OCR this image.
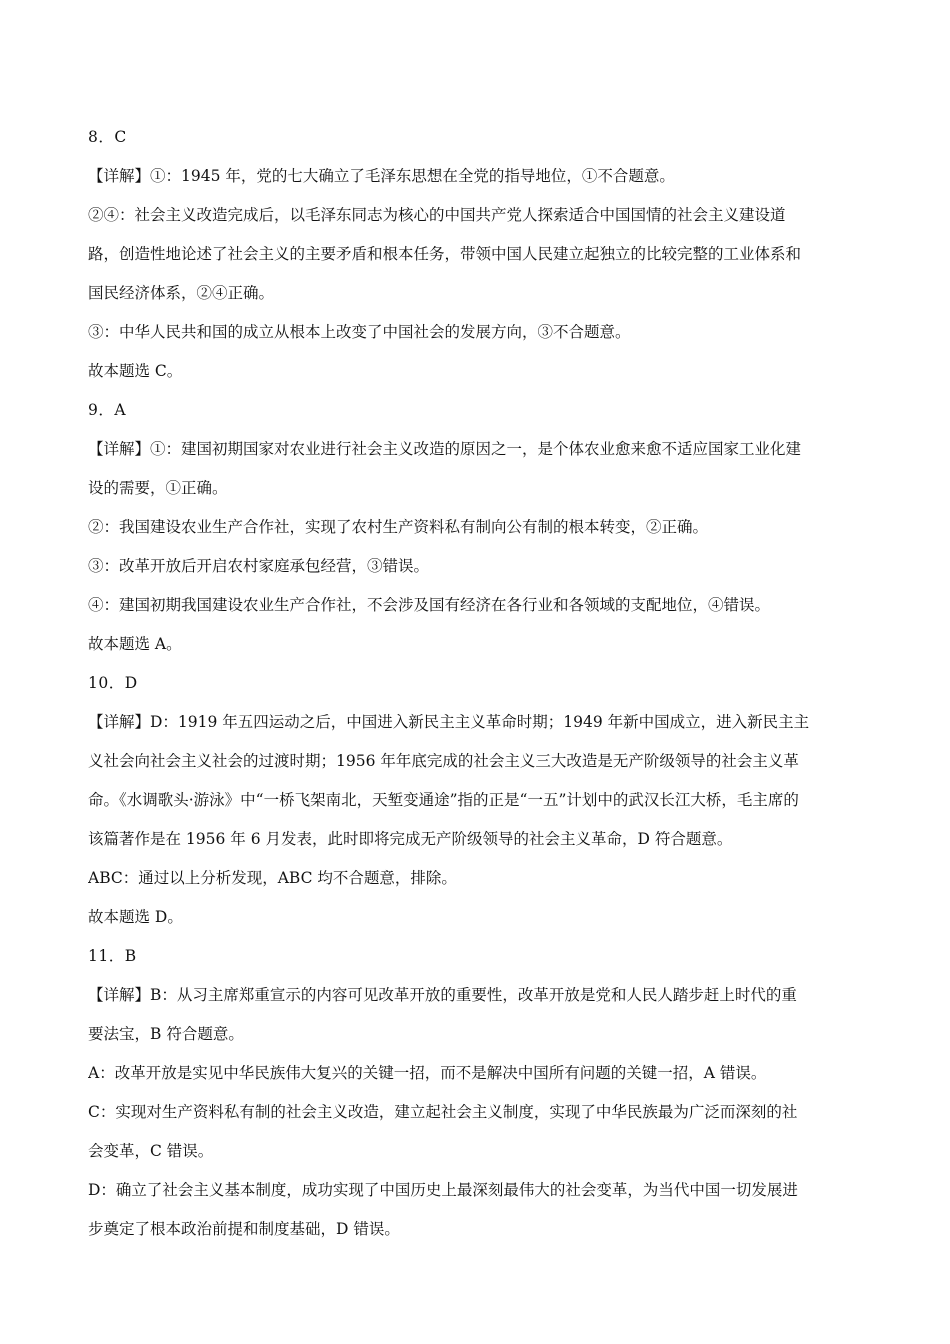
8．C
【详解】①：1945 年，党的七大确立了毛泽东思想在全党的指导地位，①不合题意。
②④：社会主义改造完成后，以毛泽东同志为核心的中国共产党人探索适合中国国情的社会主义建设道路，创造性地论述了社会主义的主要矛盾和根本任务，带领中国人民建立起独立的比较完整的工业体系和国民经济体系，②④正确。
③：中华人民共和国的成立从根本上改变了中国社会的发展方向，③不合题意。
故本题选 C。
9．A
【详解】①：建国初期国家对农业进行社会主义改造的原因之一，是个体农业愈来愈不适应国家工业化建设的需要，①正确。
②：我国建设农业生产合作社，实现了农村生产资料私有制向公有制的根本转变，②正确。
③：改革开放后开启农村家庭承包经营，③错误。
④：建国初期我国建设农业生产合作社，不会涉及国有经济在各行业和各领域的支配地位，④错误。
故本题选 A。
10．D
【详解】D：1919 年五四运动之后，中国进入新民主主义革命时期；1949 年新中国成立，进入新民主主义社会向社会主义社会的过渡时期；1956 年年底完成的社会主义三大改造是无产阶级领导的社会主义革命。《水调歌头·游泳》中“一桥飞架南北，天堑变通途”指的正是“一五”计划中的武汉长江大桥，毛主席的该篇著作是在 1956 年 6 月发表，此时即将完成无产阶级领导的社会主义革命，D 符合题意。
ABC：通过以上分析发现，ABC 均不合题意，排除。
故本题选 D。
11．B
【详解】B：从习主席郑重宣示的内容可见改革开放的重要性，改革开放是党和人民人踏步赶上时代的重要法宝，B 符合题意。
A：改革开放是实见中华民族伟大复兴的关键一招，而不是解决中国所有问题的关键一招，A 错误。
C：实现对生产资料私有制的社会主义改造，建立起社会主义制度，实现了中华民族最为广泛而深刻的社会变革，C 错误。
D：确立了社会主义基本制度，成功实现了中国历史上最深刻最伟大的社会变革，为当代中国一切发展进步奠定了根本政治前提和制度基础，D 错误。
